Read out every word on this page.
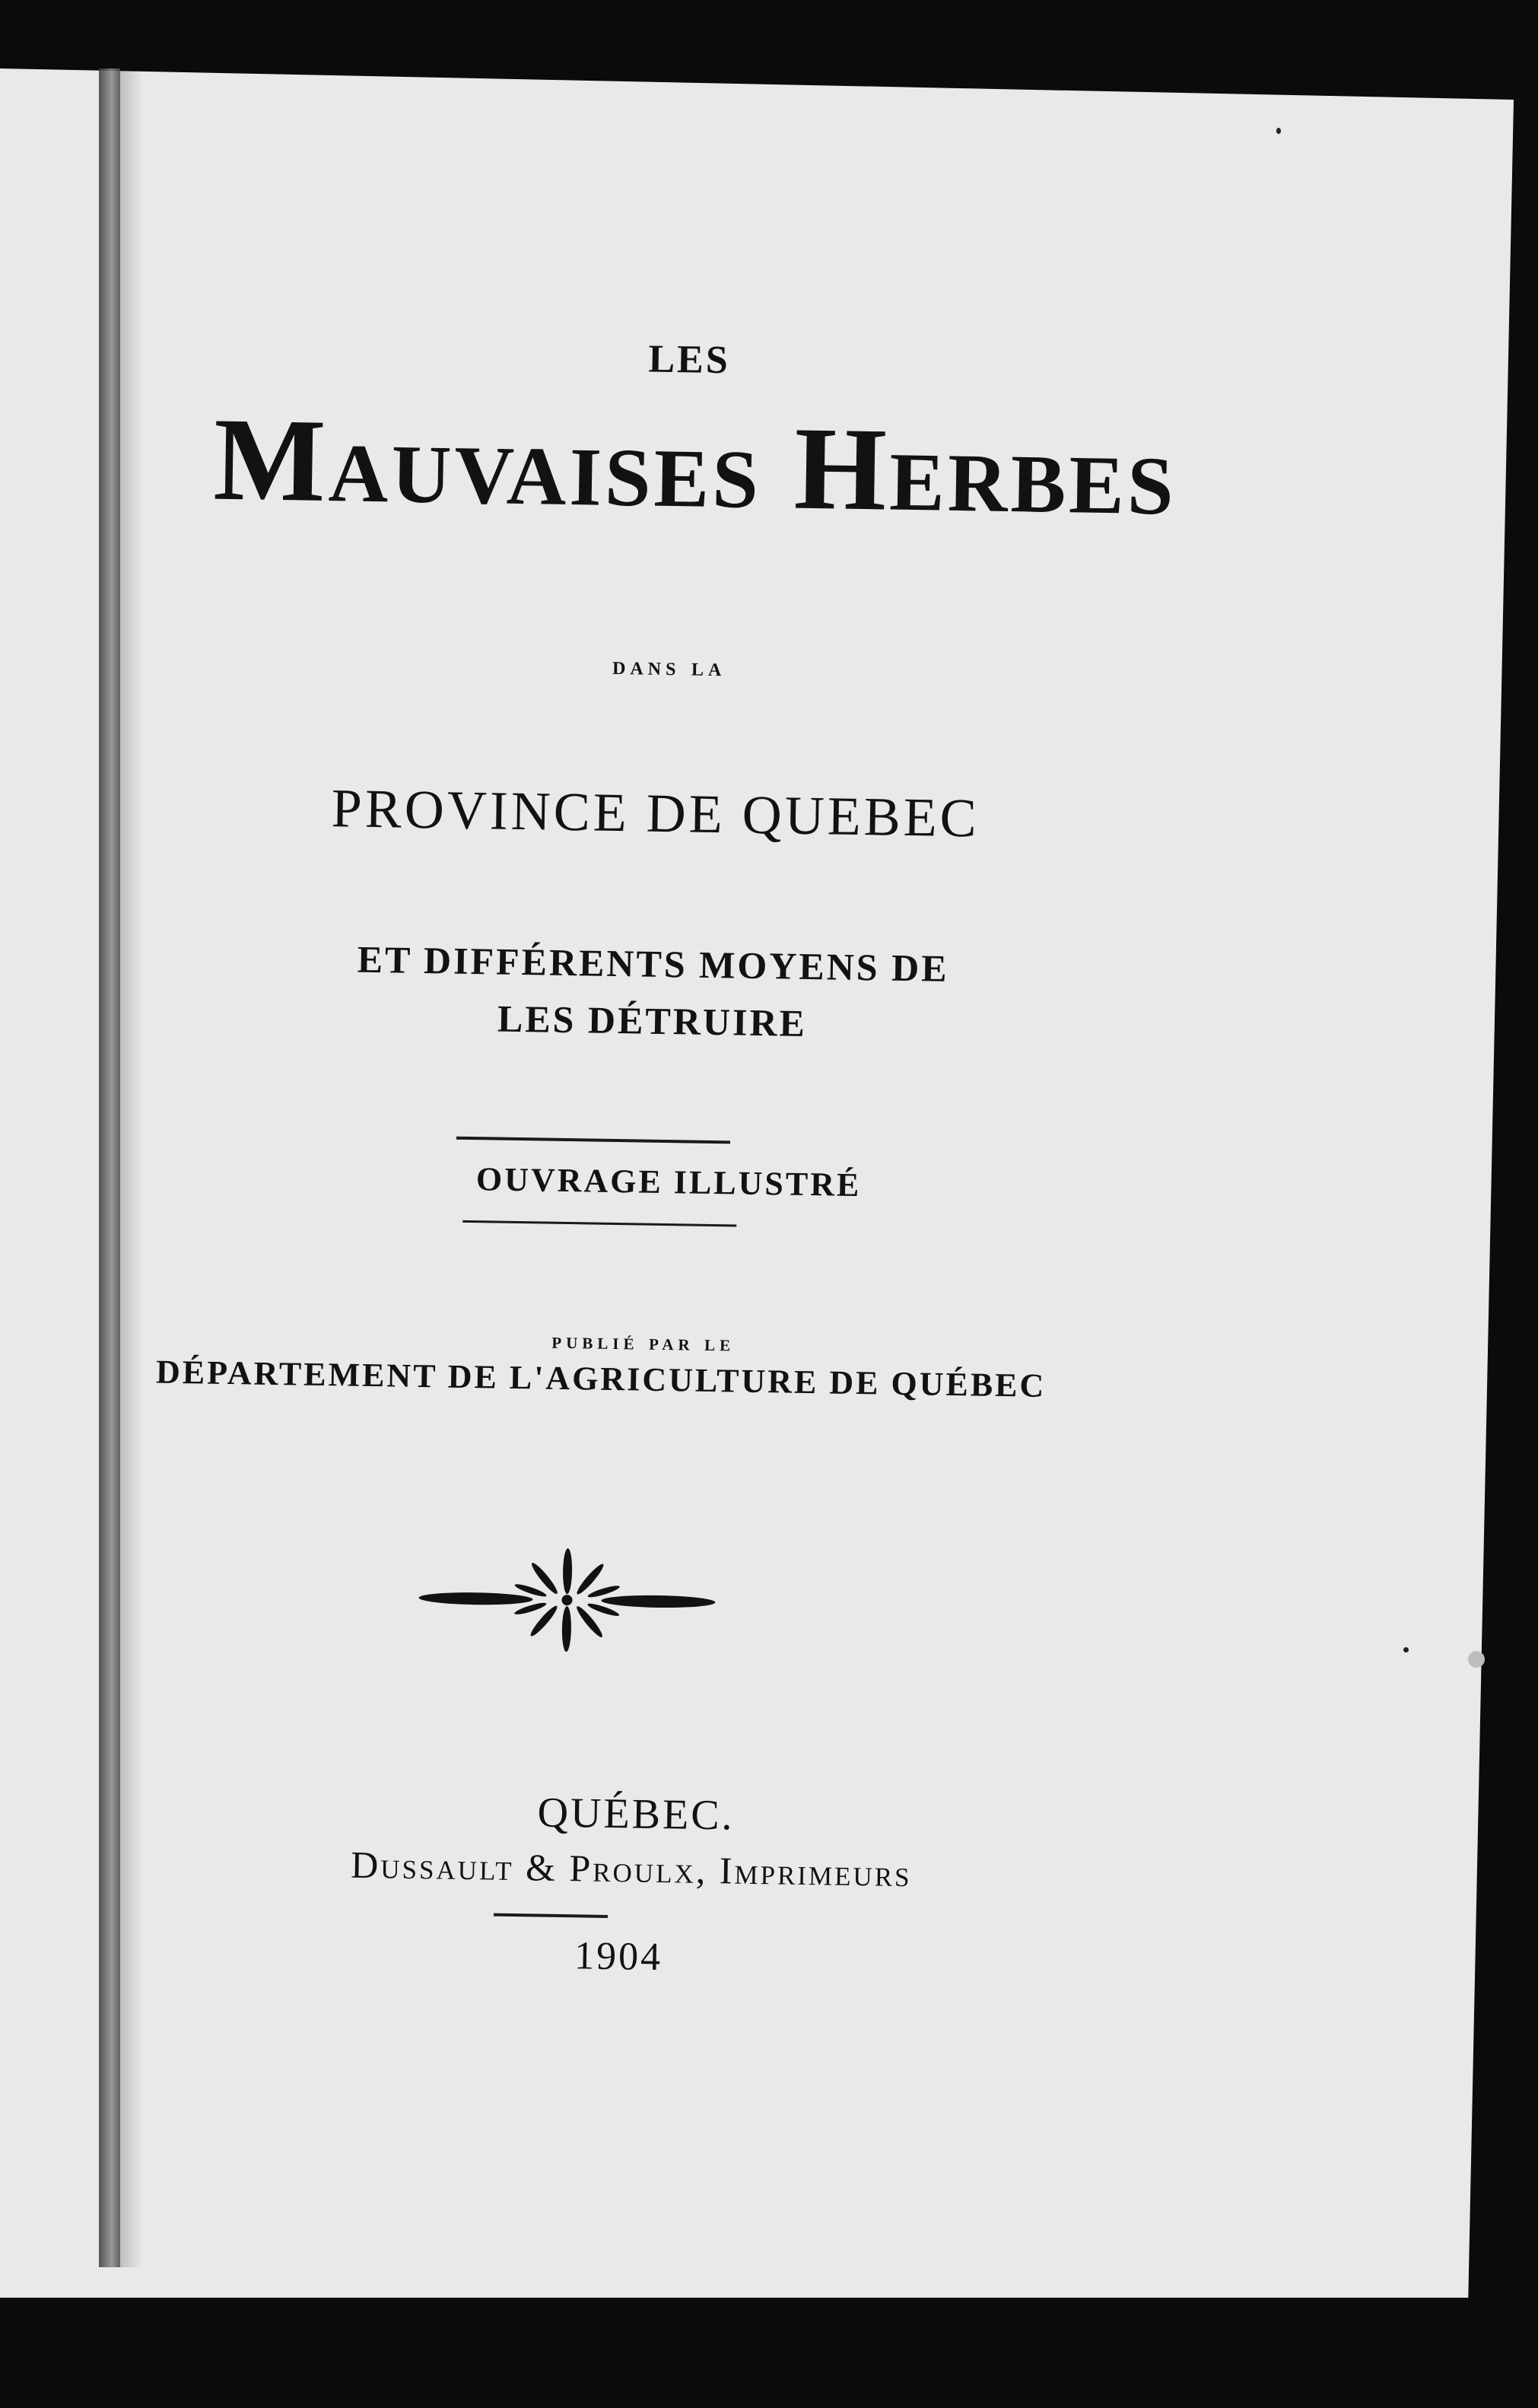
LES
Mauvaises Herbes
dans la
PROVINCE DE QUEBEC
ET DIFFÉRENTS MOYENS DE
LES DÉTRUIRE
OUVRAGE ILLUSTRÉ
publié par le
DÉPARTEMENT DE L'AGRICULTURE DE QUÉBEC
QUÉBEC.
Dussault & Proulx, Imprimeurs
1904
